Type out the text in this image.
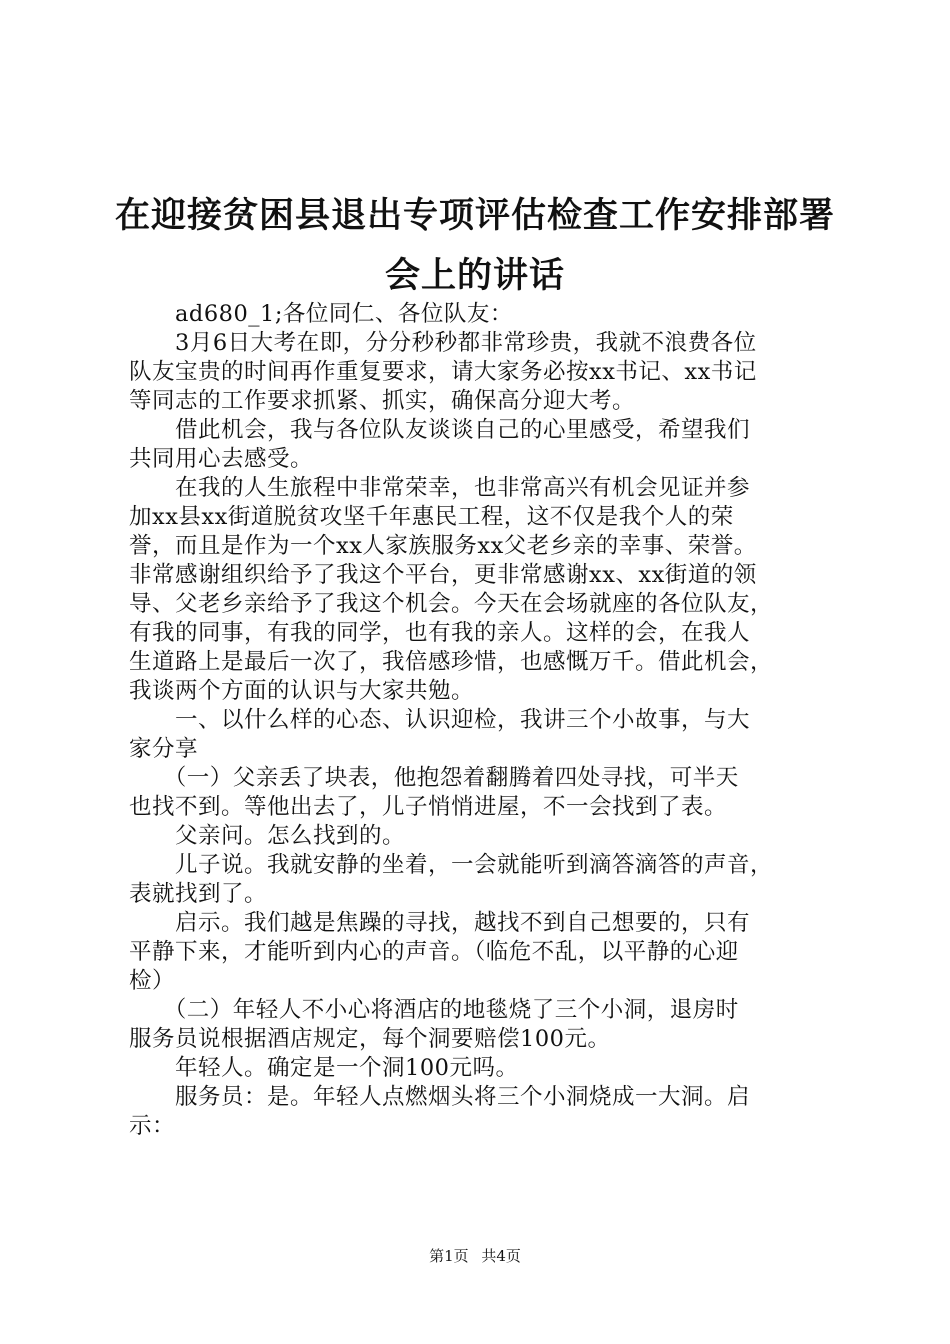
在迎接贫困县退出专项评估检查工作安排部署
会上的讲话
　　ad680_1;各位同仁、各位队友：
　　3月6日大考在即，分分秒秒都非常珍贵，我就不浪费各位
队友宝贵的时间再作重复要求，请大家务必按xx书记、xx书记
等同志的工作要求抓紧、抓实，确保高分迎大考。
　　借此机会，我与各位队友谈谈自己的心里感受，希望我们
共同用心去感受。
　　在我的人生旅程中非常荣幸，也非常高兴有机会见证并参
加xx县xx街道脱贫攻坚千年惠民工程，这不仅是我个人的荣
誉，而且是作为一个xx人家族服务xx父老乡亲的幸事、荣誉。
非常感谢组织给予了我这个平台，更非常感谢xx、xx街道的领
导、父老乡亲给予了我这个机会。今天在会场就座的各位队友，
有我的同事，有我的同学，也有我的亲人。这样的会，在我人
生道路上是最后一次了，我倍感珍惜，也感慨万千。借此机会，
我谈两个方面的认识与大家共勉。
　　一、以什么样的心态、认识迎检，我讲三个小故事，与大
家分享
　　（一）父亲丢了块表，他抱怨着翻腾着四处寻找，可半天
也找不到。等他出去了，儿子悄悄进屋，不一会找到了表。
　　父亲问。怎么找到的。
　　儿子说。我就安静的坐着，一会就能听到滴答滴答的声音，
表就找到了。
　　启示。我们越是焦躁的寻找，越找不到自己想要的，只有
平静下来，才能听到内心的声音。（临危不乱，以平静的心迎
检）
　　（二）年轻人不小心将酒店的地毯烧了三个小洞，退房时
服务员说根据酒店规定，每个洞要赔偿100元。
　　年轻人。确定是一个洞100元吗。
　　服务员：是。年轻人点燃烟头将三个小洞烧成一大洞。启
示：
第1页 共4页
